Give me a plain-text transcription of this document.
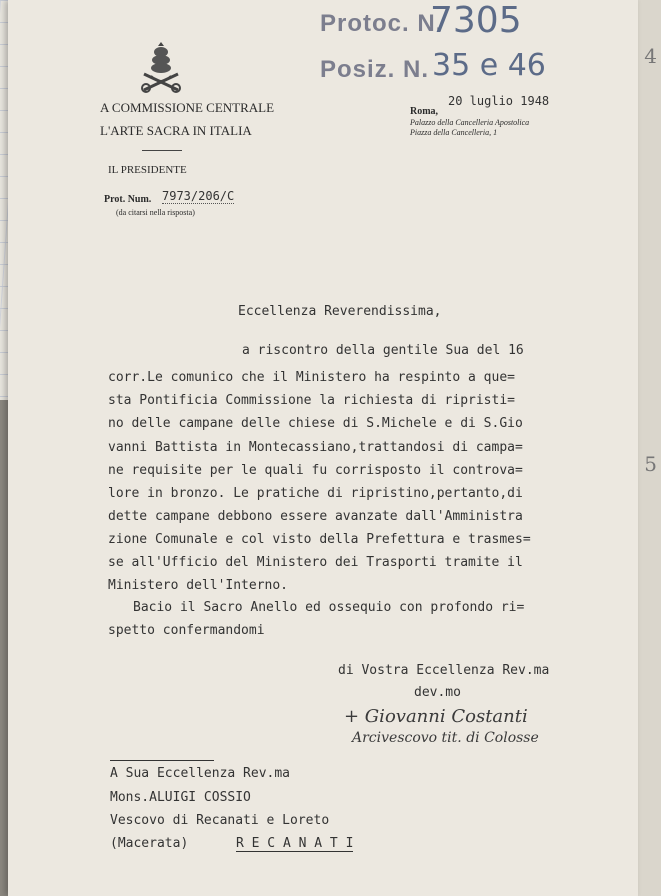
4
5
Protoc. N.
7305
Posiz. N. 35 e 46
A COMMISSIONE CENTRALE
L'ARTE SACRA IN ITALIA
IL PRESIDENTE
Prot. Num. 7973/206/C
(da citarsi nella risposta)
Roma,
20 luglio 1948
Palazzo della Cancelleria Apostolica
Piazza della Cancelleria, 1
Eccellenza Reverendissima,
a riscontro della gentile Sua del 16
corr.Le comunico che il Ministero ha respinto a que=
sta Pontificia Commissione la richiesta di ripristi=
no delle campane delle chiese di S.Michele e di S.Gio
vanni Battista in Montecassiano,trattandosi di campa=
ne requisite per le quali fu corrisposto il controva=
lore in bronzo. Le pratiche di ripristino,pertanto,di
dette campane debbono essere avanzate dall'Amministra
zione Comunale e col visto della Prefettura e trasmes=
se all'Ufficio del Ministero dei Trasporti tramite il
Ministero dell'Interno.
Bacio il Sacro Anello ed ossequio con profondo ri=
spetto confermandomi
di Vostra Eccellenza Rev.ma
dev.mo
+ Giovanni Costanti
Arcivescovo tit. di Colosse
A Sua Eccellenza Rev.ma
Mons.ALUIGI COSSIO
Vescovo di Recanati e Loreto
(Macerata)	R E C A N A T I
